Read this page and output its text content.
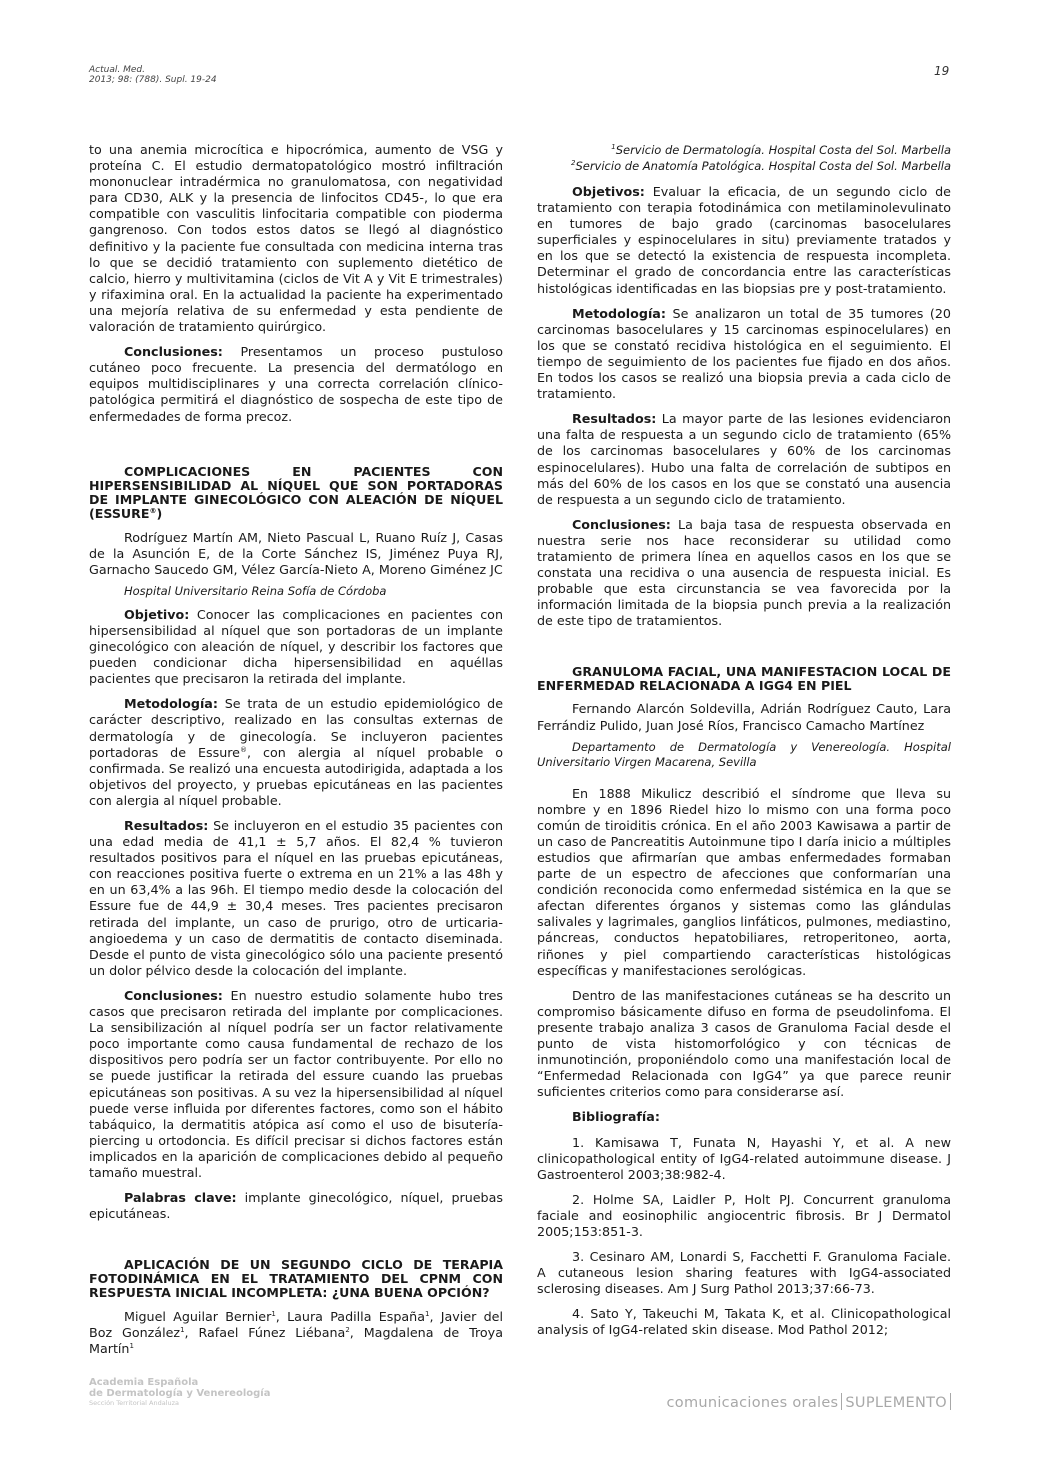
Actual. Med.
2013; 98: (788). Supl. 19-24
19

to una anemia microcítica e hipocrómica, aumento de VSG y proteína C. El estudio dermatopatológico mostró infiltración mononuclear intradérmica no granulomatosa, con negatividad para CD30, ALK y la presencia de linfocitos CD45-, lo que era compatible con vasculitis linfocitaria compatible con pioderma gangrenoso. Con todos estos datos se llegó al diagnóstico definitivo y la paciente fue consultada con medicina interna tras lo que se decidió tratamiento con suplemento dietético de calcio, hierro y multivitamina (ciclos de Vit A y Vit E trimestrales) y rifaximina oral. En la actualidad la paciente ha experimentado una mejoría relativa de su enfermedad y esta pendiente de valoración de tratamiento quirúrgico.

Conclusiones: Presentamos un proceso pustuloso cutáneo poco frecuente. La presencia del dermatólogo en equipos multidisciplinares y una correcta correlación clínico-patológica permitirá el diagnóstico de sospecha de este tipo de enfermedades de forma precoz.

COMPLICACIONES EN PACIENTES CON HIPERSENSIBILIDAD AL NÍQUEL QUE SON PORTADORAS DE IMPLANTE GINECOLÓGICO CON ALEACIÓN DE NÍQUEL (ESSURE®)

Rodríguez Martín AM, Nieto Pascual L, Ruano Ruíz J, Casas de la Asunción E, de la Corte Sánchez IS, Jiménez Puya RJ, Garnacho Saucedo GM, Vélez García-Nieto A, Moreno Giménez JC

Hospital Universitario Reina Sofía de Córdoba

Objetivo: Conocer las complicaciones en pacientes con hipersensibilidad al níquel que son portadoras de un implante ginecológico con aleación de níquel, y describir los factores que pueden condicionar dicha hipersensibilidad en aquéllas pacientes que precisaron la retirada del implante.

Metodología: Se trata de un estudio epidemiológico de carácter descriptivo, realizado en las consultas externas de dermatología y de ginecología. Se incluyeron pacientes portadoras de Essure®, con alergia al níquel probable o confirmada. Se realizó una encuesta autodirigida, adaptada a los objetivos del proyecto, y pruebas epicutáneas en las pacientes con alergia al níquel probable.

Resultados: Se incluyeron en el estudio 35 pacientes con una edad media de 41,1 ± 5,7 años. El 82,4 % tuvieron resultados positivos para el níquel en las pruebas epicutáneas, con reacciones positiva fuerte o extrema en un 21% a las 48h y en un 63,4% a las 96h. El tiempo medio desde la colocación del Essure fue de 44,9 ± 30,4 meses. Tres pacientes precisaron retirada del implante, un caso de prurigo, otro de urticaria-angioedema y un caso de dermatitis de contacto diseminada. Desde el punto de vista ginecológico sólo una paciente presentó un dolor pélvico desde la colocación del implante.

Conclusiones: En nuestro estudio solamente hubo tres casos que precisaron retirada del implante por complicaciones. La sensibilización al níquel podría ser un factor relativamente poco importante como causa fundamental de rechazo de los dispositivos pero podría ser un factor contribuyente. Por ello no se puede justificar la retirada del essure cuando las pruebas epicutáneas son positivas. A su vez la hipersensibilidad al níquel puede verse influida por diferentes factores, como son el hábito tabáquico, la dermatitis atópica así como el uso de bisutería-piercing u ortodoncia. Es difícil precisar si dichos factores están implicados en la aparición de complicaciones debido al pequeño tamaño muestral.

Palabras clave: implante ginecológico, níquel, pruebas epicutáneas.

APLICACIÓN DE UN SEGUNDO CICLO DE TERAPIA FOTODINÁMICA EN EL TRATAMIENTO DEL CPNM CON RESPUESTA INICIAL INCOMPLETA: ¿UNA BUENA OPCIÓN?

Miguel Aguilar Bernier$^1$, Laura Padilla España$^1$, Javier del Boz González$^1$, Rafael Fúnez Liébana$^2$, Magdalena de Troya Martín$^1$

$^1$Servicio de Dermatología. Hospital Costa del Sol. Marbella

$^2$Servicio de Anatomía Patológica. Hospital Costa del Sol. Marbella

Objetivos: Evaluar la eficacia, de un segundo ciclo de tratamiento con terapia fotodinámica con metilaminolevulinato en tumores de bajo grado (carcinomas basocelulares superficiales y espinocelulares in situ) previamente tratados y en los que se detectó la existencia de respuesta incompleta. Determinar el grado de concordancia entre las características histológicas identificadas en las biopsias pre y post-tratamiento.

Metodología: Se analizaron un total de 35 tumores (20 carcinomas basocelulares y 15 carcinomas espinocelulares) en los que se constató recidiva histológica en el seguimiento. El tiempo de seguimiento de los pacientes fue fijado en dos años. En todos los casos se realizó una biopsia previa a cada ciclo de tratamiento.

Resultados: La mayor parte de las lesiones evidenciaron una falta de respuesta a un segundo ciclo de tratamiento (65% de los carcinomas basocelulares y 60% de los carcinomas espinocelulares). Hubo una falta de correlación de subtipos en más del 60% de los casos en los que se constató una ausencia de respuesta a un segundo ciclo de tratamiento.

Conclusiones: La baja tasa de respuesta observada en nuestra serie nos hace reconsiderar su utilidad como tratamiento de primera línea en aquellos casos en los que se constata una recidiva o una ausencia de respuesta inicial. Es probable que esta circunstancia se vea favorecida por la información limitada de la biopsia punch previa a la realización de este tipo de tratamientos.

GRANULOMA FACIAL, UNA MANIFESTACION LOCAL DE ENFERMEDAD RELACIONADA A IGG4 EN PIEL

Fernando Alarcón Soldevilla, Adrián Rodríguez Cauto, Lara Ferrándiz Pulido, Juan José Ríos, Francisco Camacho Martínez

Departamento de Dermatología y Venereología. Hospital Universitario Virgen Macarena, Sevilla

En 1888 Mikulicz describió el síndrome que lleva su nombre y en 1896 Riedel hizo lo mismo con una forma poco común de tiroiditis crónica. En el año 2003 Kawisawa a partir de un caso de Pancreatitis Autoinmune tipo I daría inicio a múltiples estudios que afirmarían que ambas enfermedades formaban parte de un espectro de afecciones que conformarían una condición reconocida como enfermedad sistémica en la que se afectan diferentes órganos y sistemas como las glándulas salivales y lagrimales, ganglios linfáticos, pulmones, mediastino, páncreas, conductos hepatobiliares, retroperitoneo, aorta, riñones y piel compartiendo características histológicas específicas y manifestaciones serológicas.

Dentro de las manifestaciones cutáneas se ha descrito un compromiso básicamente difuso en forma de pseudolinfoma. El presente trabajo analiza 3 casos de Granuloma Facial desde el punto de vista histomorfológico y con técnicas de inmunotinción, proponiéndolo como una manifestación local de “Enfermedad Relacionada con IgG4” ya que parece reunir suficientes criterios como para considerarse así.

Bibliografía:

1. Kamisawa T, Funata N, Hayashi Y, et al. A new clinicopathological entity of IgG4-related autoimmune disease. J Gastroenterol 2003;38:982-4.

2. Holme SA, Laidler P, Holt PJ. Concurrent granuloma faciale and eosinophilic angiocentric fibrosis. Br J Dermatol 2005;153:851-3.

3. Cesinaro AM, Lonardi S, Facchetti F. Granuloma Faciale. A cutaneous lesion sharing features with IgG4-associated sclerosing diseases. Am J Surg Pathol 2013;37:66-73.

4. Sato Y, Takeuchi M, Takata K, et al. Clinicopathological analysis of IgG4-related skin disease. Mod Pathol 2012;

Academia Española
de Dermatología y Venereología
Sección Territorial Andaluza	comunicaciones orales SUPLEMENTO
